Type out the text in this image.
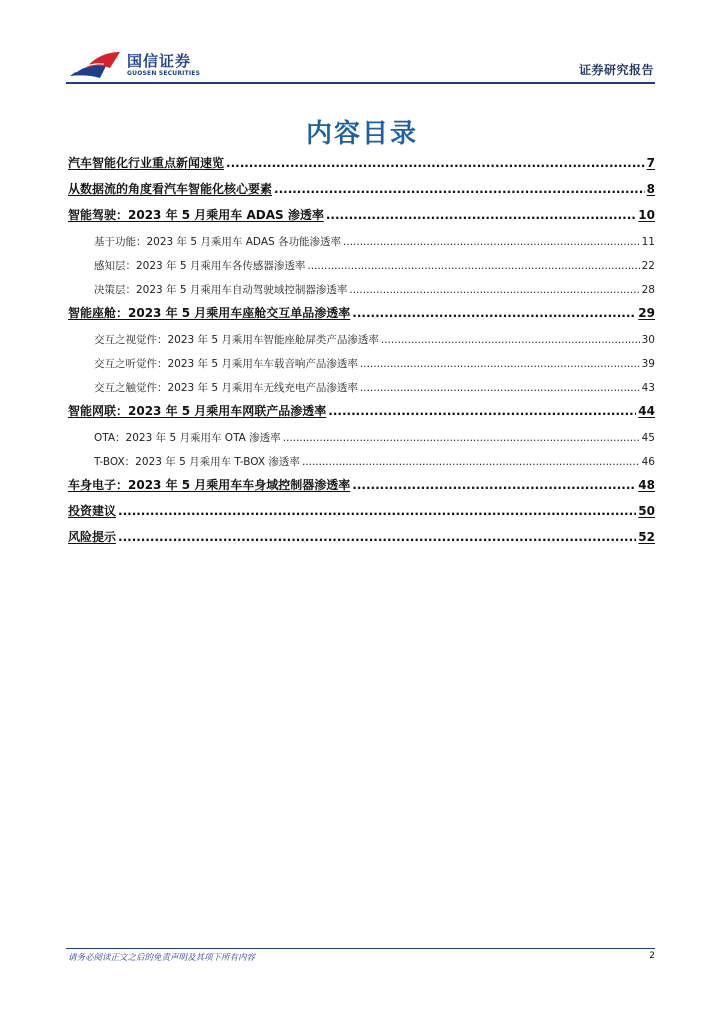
国信证券
GUOSEN SECURITIES	证券研究报告
内容目录
汽车智能化行业重点新闻速览 .....	7
从数据流的角度看汽车智能化核心要素 .....	8
智能驾驶：2023 年 5 月乘用车 ADAS 渗透率 .....	10
基于功能：2023 年 5 月乘用车 ADAS 各功能渗透率 .....	11
感知层：2023 年 5 月乘用车各传感器渗透率 .....	22
决策层：2023 年 5 月乘用车自动驾驶域控制器渗透率 .....	28
智能座舱：2023 年 5 月乘用车座舱交互单品渗透率 .....	29
交互之视觉件：2023 年 5 月乘用车智能座舱屏类产品渗透率 .....	30
交互之听觉件：2023 年 5 月乘用车车载音响产品渗透率 .....	39
交互之触觉件：2023 年 5 月乘用车无线充电产品渗透率 .....	43
智能网联：2023 年 5 月乘用车网联产品渗透率 .....	44
OTA：2023 年 5 月乘用车 OTA 渗透率 .....	45
T-BOX：2023 年 5 月乘用车 T-BOX 渗透率 .....	46
车身电子：2023 年 5 月乘用车车身域控制器渗透率 .....	48
投资建议 .....	50
风险提示 .....	52
请务必阅读正文之后的免责声明及其项下所有内容	2
